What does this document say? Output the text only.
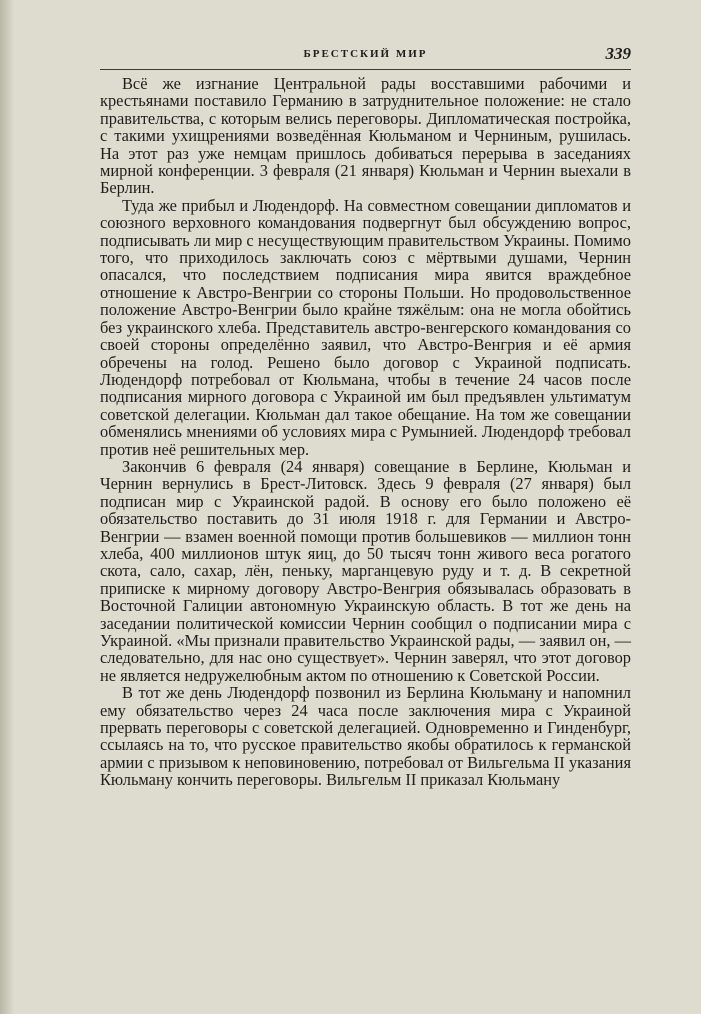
БРЕСТСКИЙ МИР	339

Всё же изгнание Центральной рады восставшими рабочими и крестьянами поставило Германию в затруднительное положение: не стало правительства, с которым велись переговоры. Дипломатическая постройка, с такими ухищрениями возведённая Кюльманом и Черниным, рушилась. На этот раз уже немцам пришлось добиваться перерыва в заседаниях мирной конференции. 3 февраля (21 января) Кюльман и Чернин выехали в Берлин.

Туда же прибыл и Людендорф. На совместном совещании дипломатов и союзного верховного командования подвергнут был обсуждению вопрос, подписывать ли мир с несуществующим правительством Украины. Помимо того, что приходилось заключать союз с мёртвыми душами, Чернин опасался, что последствием подписания мира явится враждебное отношение к Австро-Венгрии со стороны Польши. Но продовольственное положение Австро-Венгрии было крайне тяжёлым: она не могла обойтись без украинского хлеба. Представитель австро-венгерского командования со своей стороны определённо заявил, что Австро-Венгрия и её армия обречены на голод. Решено было договор с Украиной подписать. Людендорф потребовал от Кюльмана, чтобы в течение 24 часов после подписания мирного договора с Украиной им был предъявлен ультиматум советской делегации. Кюльман дал такое обещание. На том же совещании обменялись мнениями об условиях мира с Румынией. Людендорф требовал против неё решительных мер.

Закончив 6 февраля (24 января) совещание в Берлине, Кюльман и Чернин вернулись в Брест-Литовск. Здесь 9 февраля (27 января) был подписан мир с Украинской радой. В основу его было положено её обязательство поставить до 31 июля 1918 г. для Германии и Австро-Венгрии — взамен военной помощи против большевиков — миллион тонн хлеба, 400 миллионов штук яиц, до 50 тысяч тонн живого веса рогатого скота, сало, сахар, лён, пеньку, марганцевую руду и т. д. В секретной приписке к мирному договору Австро-Венгрия обязывалась образовать в Восточной Галиции автономную Украинскую область. В тот же день на заседании политической комиссии Чернин сообщил о подписании мира с Украиной. «Мы признали правительство Украинской рады, — заявил он, — следовательно, для нас оно существует». Чернин заверял, что этот договор не является недружелюбным актом по отношению к Советской России.

В тот же день Людендорф позвонил из Берлина Кюльману и напомнил ему обязательство через 24 часа после заключения мира с Украиной прервать переговоры с советской делегацией. Одновременно и Гинденбург, ссылаясь на то, что русское правительство якобы обратилось к германской армии с призывом к неповиновению, потребовал от Вильгельма II указания Кюльману кончить переговоры. Вильгельм II приказал Кюльману
